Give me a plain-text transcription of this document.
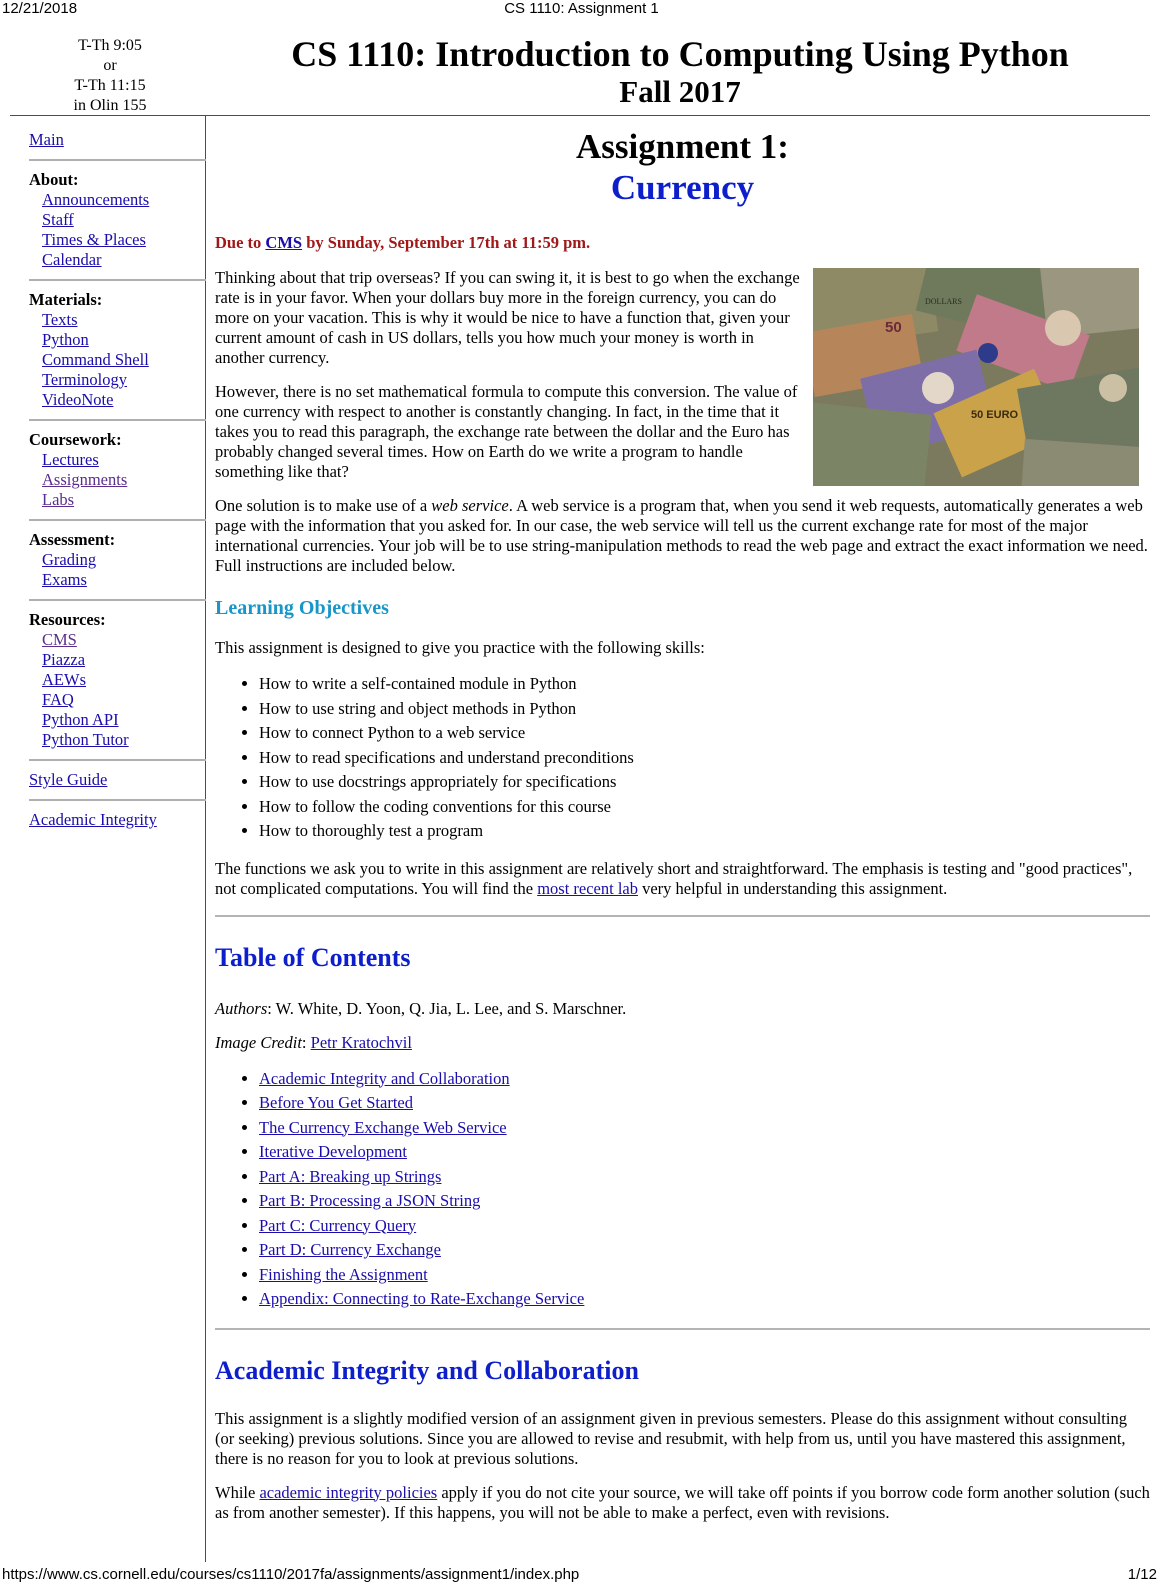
12/21/2018	CS 1110: Assignment 1
T-Th 9:05
or
T-Th 11:15
in Olin 155
CS 1110: Introduction to Computing Using Python
Fall 2017
Main
About:
Announcements
Staff
Times & Places
Calendar
Materials:
Texts
Python
Command Shell
Terminology
VideoNote
Coursework:
Lectures
Assignments
Labs
Assessment:
Grading
Exams
Resources:
CMS
Piazza
AEWs
FAQ
Python API
Python Tutor
Style Guide
Academic Integrity
Assignment 1:
Currency

Due to CMS by Sunday, September 17th at 11:59 pm.

50
50 EURO
DOLLARS

Thinking about that trip overseas? If you can swing it, it is best to go when the exchange rate is in your favor. When your dollars buy more in the foreign currency, you can do more on your vacation. This is why it would be nice to have a function that, given your current amount of cash in US dollars, tells you how much your money is worth in another currency.

However, there is no set mathematical formula to compute this conversion. The value of one currency with respect to another is constantly changing. In fact, in the time that it takes you to read this paragraph, the exchange rate between the dollar and the Euro has probably changed several times. How on Earth do we write a program to handle something like that?

One solution is to make use of a web service. A web service is a program that, when you send it web requests, automatically generates a web page with the information that you asked for. In our case, the web service will tell us the current exchange rate for most of the major international currencies. Your job will be to use string-manipulation methods to read the web page and extract the exact information we need. Full instructions are included below.

Learning Objectives

This assignment is designed to give you practice with the following skills:

• How to write a self-contained module in Python
• How to use string and object methods in Python
• How to connect Python to a web service
• How to read specifications and understand preconditions
• How to use docstrings appropriately for specifications
• How to follow the coding conventions for this course
• How to thoroughly test a program

The functions we ask you to write in this assignment are relatively short and straightforward. The emphasis is testing and "good practices", not complicated computations. You will find the most recent lab very helpful in understanding this assignment.

Table of Contents

Authors: W. White, D. Yoon, Q. Jia, L. Lee, and S. Marschner.

Image Credit: Petr Kratochvil

• Academic Integrity and Collaboration
• Before You Get Started
• The Currency Exchange Web Service
• Iterative Development
• Part A: Breaking up Strings
• Part B: Processing a JSON String
• Part C: Currency Query
• Part D: Currency Exchange
• Finishing the Assignment
• Appendix: Connecting to Rate-Exchange Service
Academic Integrity and Collaboration

This assignment is a slightly modified version of an assignment given in previous semesters. Please do this assignment without consulting (or seeking) previous solutions. Since you are allowed to revise and resubmit, with help from us, until you have mastered this assignment, there is no reason for you to look at previous solutions.

While academic integrity policies apply if you do not cite your source, we will take off points if you borrow code form another solution (such as from another semester). If this happens, you will not be able to make a perfect, even with revisions.

https://www.cs.cornell.edu/courses/cs1110/2017fa/assignments/assignment1/index.php	1/12
